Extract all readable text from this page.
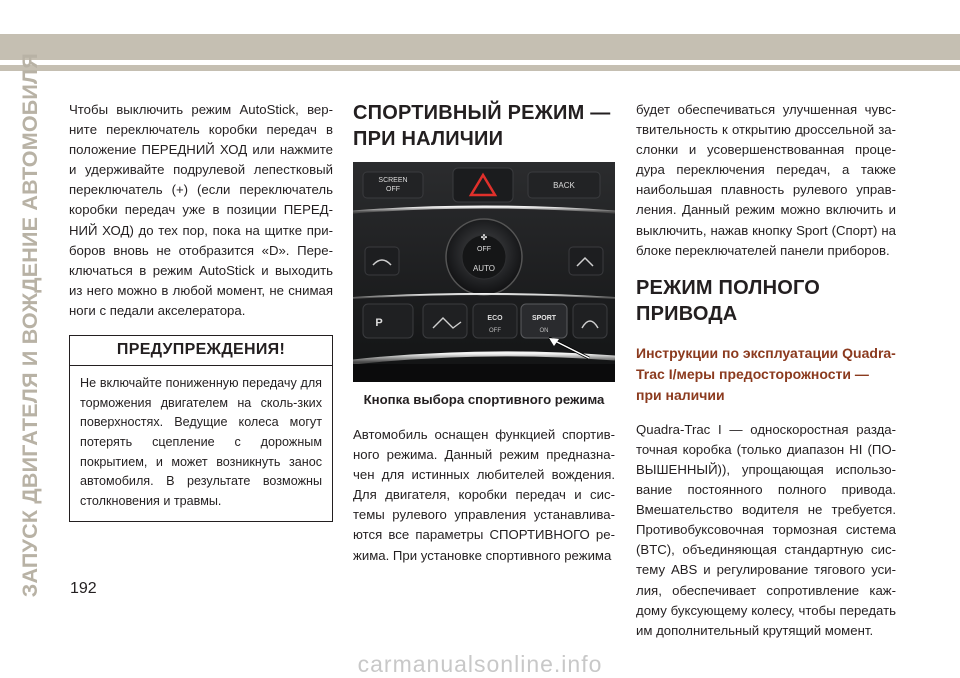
ЗАПУСК ДВИГАТЕЛЯ И ВОЖДЕНИЕ АВТОМОБИЛЯ Чтобы выключить режим AutoStick, вер-нитe переключатель коробки передач в положение ПЕРЕДНИЙ ХОД или нажмите и удерживайте подрулевой лепестковый переключатель (+) (если переключатель коробки передач уже в позиции ПЕРЕД-НИЙ ХОД) до тех пор, пока на щитке при-боров вновь не отобразится «D». Пере-ключаться в режим AutoStick и выходить из него можно в любой момент, не снимая ноги с педали акселератора.

ПРЕДУПРЕЖДЕНИЯ!
Не включайте пониженную передачу для торможения двигателем на сколь-зких поверхностях. Ведущие колеса могут потерять сцепление с дорожным покрытием, и может возникнуть занос автомобиля. В результате возможны столкновения и травмы.
СПОРТИВНЫЙ РЕЖИМ — ПРИ НАЛИЧИИ
SCREEN
OFF	BACK
✤
OFF
AUTO
P	ECO
OFF
SPORT
ON
Кнопка выбора спортивного режима

Автомобиль оснащен функцией спортив-ного режима. Данный режим предназна-чен для истинных любителей вождения. Для двигателя, коробки передач и сис-темы рулевого управления устанавлива-ются все параметры СПОРТИВНОГО ре-жима. При установке спортивного режима

будет обеспечиваться улучшенная чувс-твительность к открытию дроссельной за-слонки и усовершенствованная проце-дура переключения передач, а также наибольшая плавность рулевого управ-ления. Данный режим можно включить и выключить, нажав кнопку Sport (Спорт) на блоке переключателей панели приборов.

РЕЖИМ ПОЛНОГО ПРИВОДА
Инструкции по эксплуатации Quadra-Trac I/меры предосторожности — при наличии

Quadra-Trac I — односкоростная разда-точная коробка (только диапазон HI (ПО-ВЫШЕННЫЙ)), упрощающая использо-вание постоянного полного привода. Вмешательство водителя не требуется. Противобуксовочная тормозная система (BTC), объединяющая стандартную сис-тему ABS и регулирование тягового уси-лия, обеспечивает сопротивление каж-дому буксующему колесу, чтобы передать им дополнительный крутящий момент.

192
carmanualsonline.info
